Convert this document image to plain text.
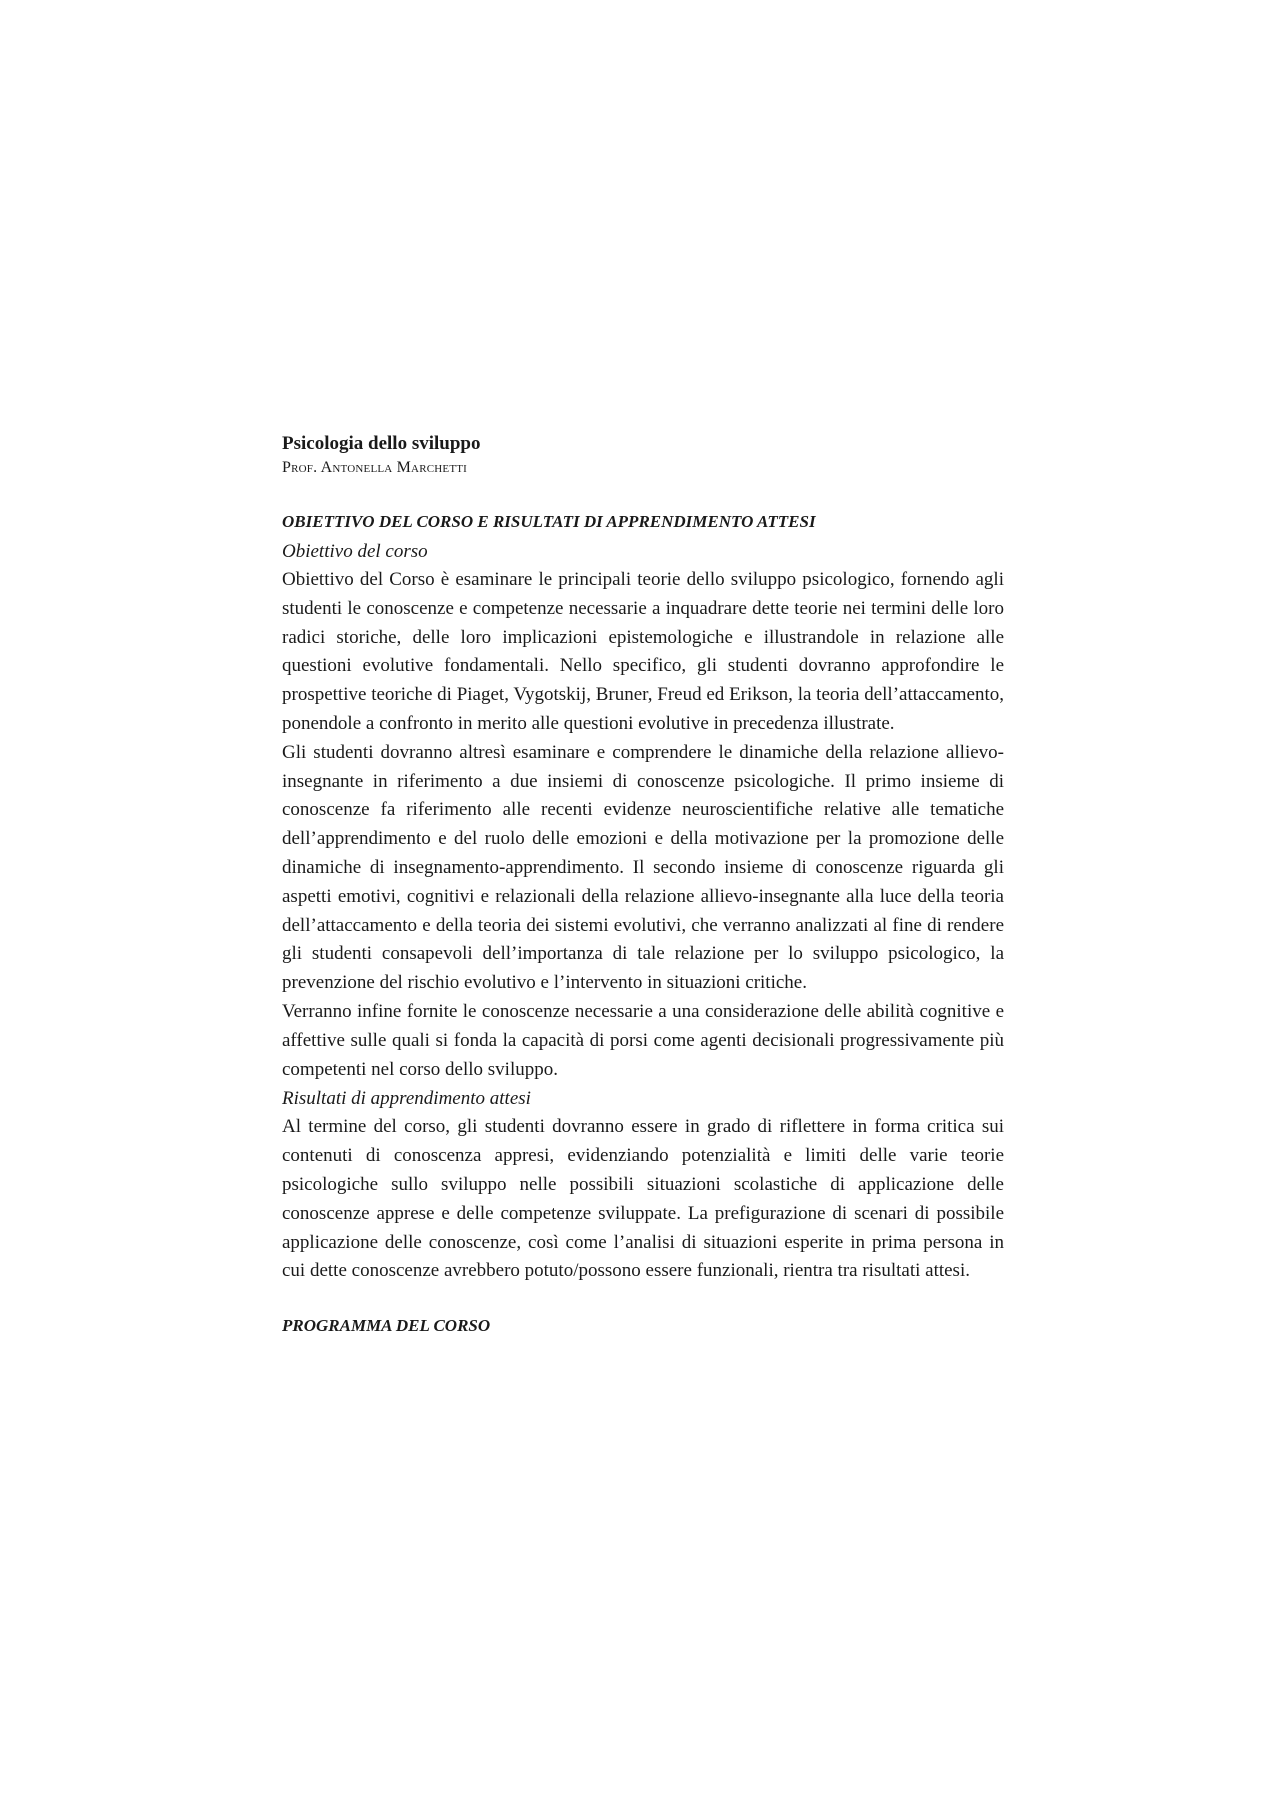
Psicologia dello sviluppo

Prof. Antonella Marchetti

OBIETTIVO DEL CORSO E RISULTATI DI APPRENDIMENTO ATTESI

Obiettivo del corso

Obiettivo del Corso è esaminare le principali teorie dello sviluppo psicologico, fornendo agli studenti le conoscenze e competenze necessarie a inquadrare dette teorie nei termini delle loro radici storiche, delle loro implicazioni epistemologiche e illustrandole in relazione alle questioni evolutive fondamentali. Nello specifico, gli studenti dovranno approfondire le prospettive teoriche di Piaget, Vygotskij, Bruner, Freud ed Erikson, la teoria dell’attaccamento, ponendole a confronto in merito alle questioni evolutive in precedenza illustrate.

Gli studenti dovranno altresì esaminare e comprendere le dinamiche della relazione allievo-insegnante in riferimento a due insiemi di conoscenze psicologiche. Il primo insieme di conoscenze fa riferimento alle recenti evidenze neuroscientifiche relative alle tematiche dell’apprendimento e del ruolo delle emozioni e della motivazione per la promozione delle dinamiche di insegnamento-apprendimento. Il secondo insieme di conoscenze riguarda gli aspetti emotivi, cognitivi e relazionali della relazione allievo-insegnante alla luce della teoria dell’attaccamento e della teoria dei sistemi evolutivi, che verranno analizzati al fine di rendere gli studenti consapevoli dell’importanza di tale relazione per lo sviluppo psicologico, la prevenzione del rischio evolutivo e l’intervento in situazioni critiche.

Verranno infine fornite le conoscenze necessarie a una considerazione delle abilità cognitive e affettive sulle quali si fonda la capacità di porsi come agenti decisionali progressivamente più competenti nel corso dello sviluppo.

Risultati di apprendimento attesi

Al termine del corso, gli studenti dovranno essere in grado di riflettere in forma critica sui contenuti di conoscenza appresi, evidenziando potenzialità e limiti delle varie teorie psicologiche sullo sviluppo nelle possibili situazioni scolastiche di applicazione delle conoscenze apprese e delle competenze sviluppate. La prefigurazione di scenari di possibile applicazione delle conoscenze, così come l’analisi di situazioni esperite in prima persona in cui dette conoscenze avrebbero potuto/possono essere funzionali, rientra tra risultati attesi.

PROGRAMMA DEL CORSO
